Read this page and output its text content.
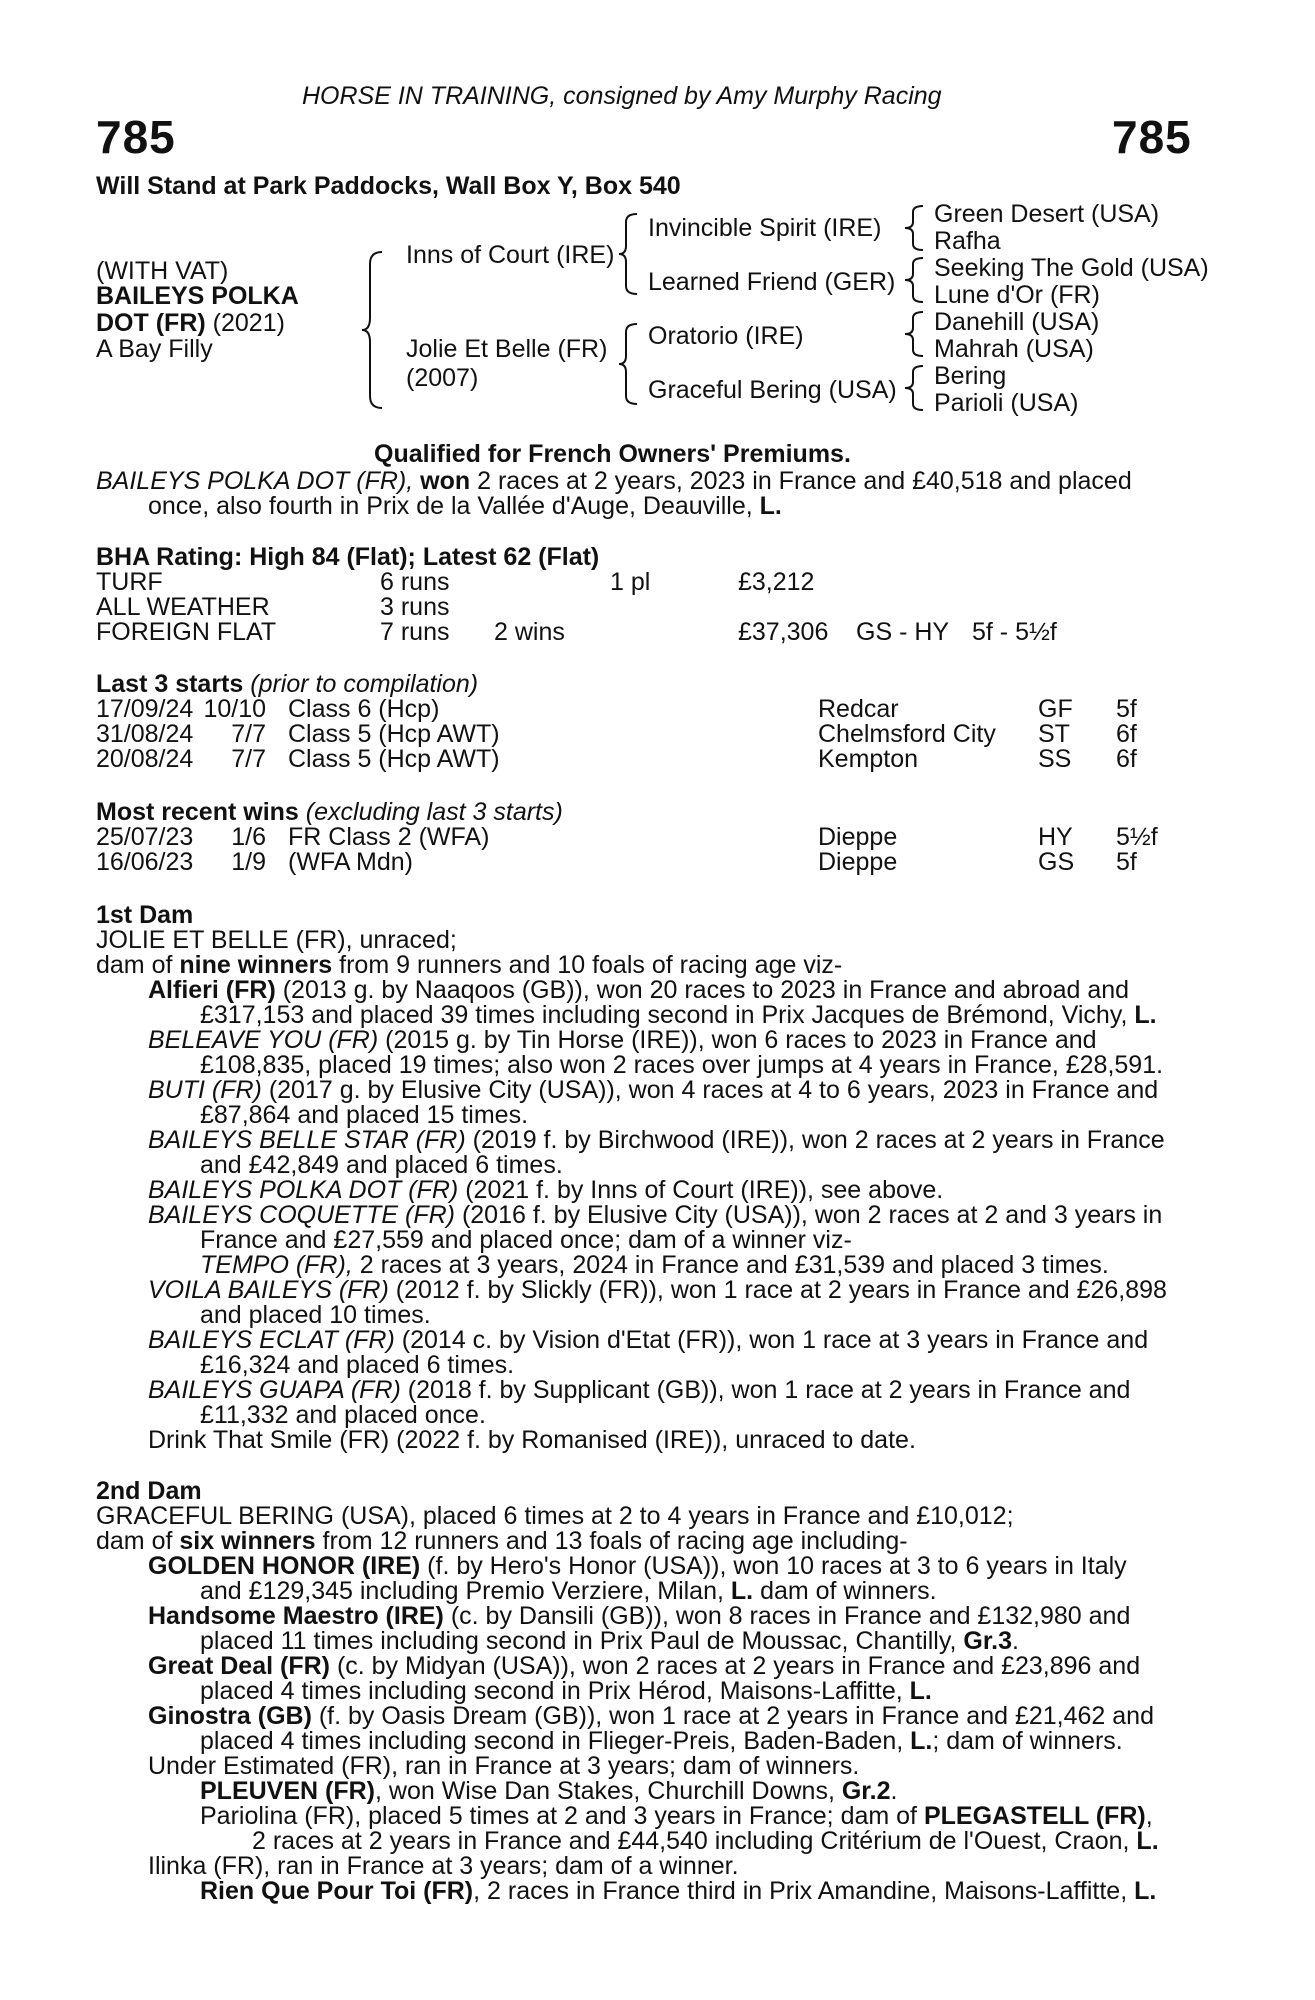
HORSE IN TRAINING, consigned by Amy Murphy Racing
785	785
Will Stand at Park Paddocks, Wall Box Y, Box 540
(WITH VAT)
BAILEYS POLKA
DOT (FR) (2021)
A Bay Filly
Inns of Court (IRE)
Jolie Et Belle (FR)
(2007)
Invincible Spirit (IRE)
Learned Friend (GER)
Oratorio (IRE)
Graceful Bering (USA)
Green Desert (USA)
Rafha
Seeking The Gold (USA)
Lune d'Or (FR)
Danehill (USA)
Mahrah (USA)
Bering
Parioli (USA)
Qualified for French Owners' Premiums.
BAILEYS POLKA DOT (FR), won 2 races at 2 years, 2023 in France and £40,518 and placed
once, also fourth in Prix de la Vallée d'Auge, Deauville, L.
BHA Rating: High 84 (Flat); Latest 62 (Flat)
TURF	6 runs	1 pl	£3,212
ALL WEATHER	3 runs
FOREIGN FLAT	7 runs 2 wins	£37,306 GS - HY 5f - 5½f
Last 3 starts (prior to compilation)
17/09/24 10/10 Class 6 (Hcp)	Redcar	GF 5f
31/08/24 7/7 Class 5 (Hcp AWT)	Chelmsford City ST 6f
20/08/24 7/7 Class 5 (Hcp AWT)	Kempton	SS 6f
Most recent wins (excluding last 3 starts)
25/07/23 1/6 FR Class 2 (WFA)	Dieppe	HY 5½f
16/06/23 1/9 (WFA Mdn)	Dieppe	GS 5f
1st Dam
JOLIE ET BELLE (FR), unraced;
dam of nine winners from 9 runners and 10 foals of racing age viz-
Alfieri (FR) (2013 g. by Naaqoos (GB)), won 20 races to 2023 in France and abroad and
£317,153 and placed 39 times including second in Prix Jacques de Brémond, Vichy, L.
BELEAVE YOU (FR) (2015 g. by Tin Horse (IRE)), won 6 races to 2023 in France and
£108,835, placed 19 times; also won 2 races over jumps at 4 years in France, £28,591.
BUTI (FR) (2017 g. by Elusive City (USA)), won 4 races at 4 to 6 years, 2023 in France and
£87,864 and placed 15 times.
BAILEYS BELLE STAR (FR) (2019 f. by Birchwood (IRE)), won 2 races at 2 years in France
and £42,849 and placed 6 times.
BAILEYS POLKA DOT (FR) (2021 f. by Inns of Court (IRE)), see above.
BAILEYS COQUETTE (FR) (2016 f. by Elusive City (USA)), won 2 races at 2 and 3 years in
France and £27,559 and placed once; dam of a winner viz-
TEMPO (FR), 2 races at 3 years, 2024 in France and £31,539 and placed 3 times.
VOILA BAILEYS (FR) (2012 f. by Slickly (FR)), won 1 race at 2 years in France and £26,898
and placed 10 times.
BAILEYS ECLAT (FR) (2014 c. by Vision d'Etat (FR)), won 1 race at 3 years in France and
£16,324 and placed 6 times.
BAILEYS GUAPA (FR) (2018 f. by Supplicant (GB)), won 1 race at 2 years in France and
£11,332 and placed once.
Drink That Smile (FR) (2022 f. by Romanised (IRE)), unraced to date.
2nd Dam
GRACEFUL BERING (USA), placed 6 times at 2 to 4 years in France and £10,012;
dam of six winners from 12 runners and 13 foals of racing age including-
GOLDEN HONOR (IRE) (f. by Hero's Honor (USA)), won 10 races at 3 to 6 years in Italy
and £129,345 including Premio Verziere, Milan, L. dam of winners.
Handsome Maestro (IRE) (c. by Dansili (GB)), won 8 races in France and £132,980 and
placed 11 times including second in Prix Paul de Moussac, Chantilly, Gr.3.
Great Deal (FR) (c. by Midyan (USA)), won 2 races at 2 years in France and £23,896 and
placed 4 times including second in Prix Hérod, Maisons-Laffitte, L.
Ginostra (GB) (f. by Oasis Dream (GB)), won 1 race at 2 years in France and £21,462 and
placed 4 times including second in Flieger-Preis, Baden-Baden, L.; dam of winners.
Under Estimated (FR), ran in France at 3 years; dam of winners.
PLEUVEN (FR), won Wise Dan Stakes, Churchill Downs, Gr.2.
Pariolina (FR), placed 5 times at 2 and 3 years in France; dam of PLEGASTELL (FR),
2 races at 2 years in France and £44,540 including Critérium de l'Ouest, Craon, L.
Ilinka (FR), ran in France at 3 years; dam of a winner.
Rien Que Pour Toi (FR), 2 races in France third in Prix Amandine, Maisons-Laffitte, L.
